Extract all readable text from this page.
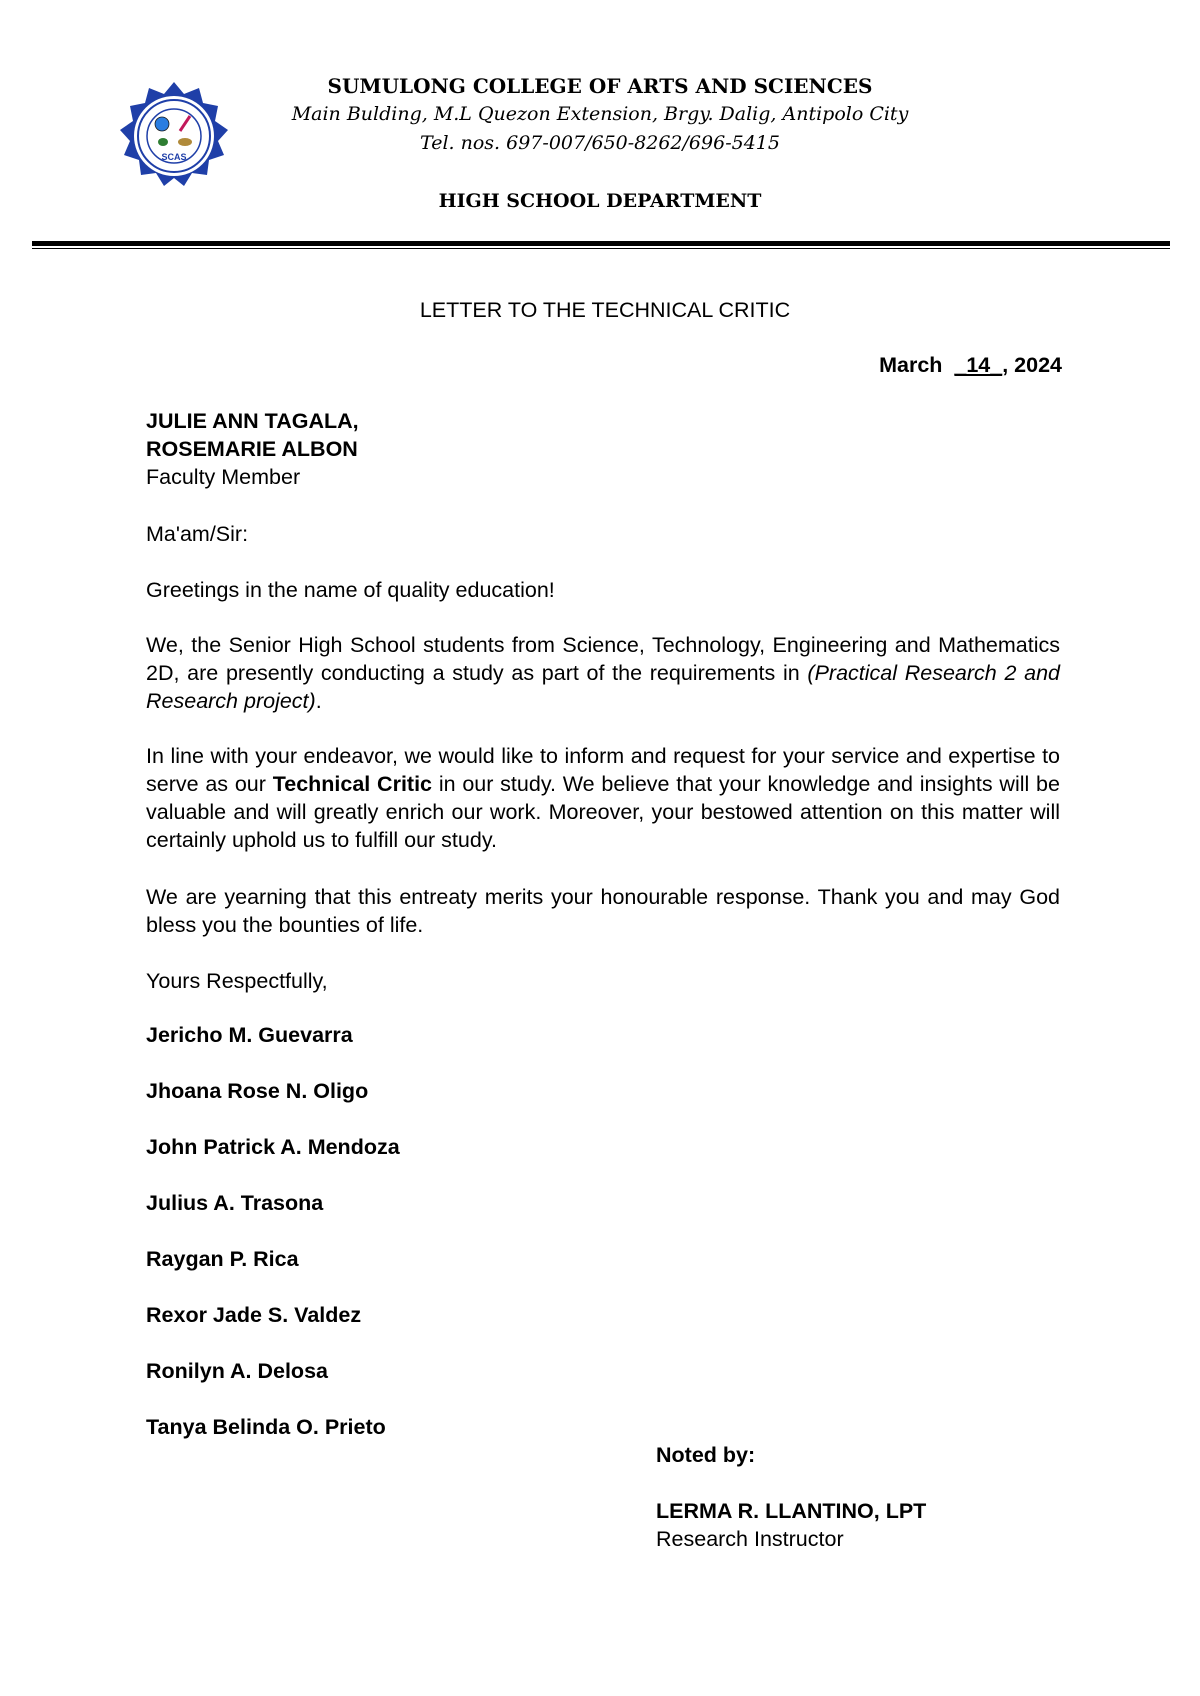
SCAS
SUMULONG COLLEGE OF ARTS AND SCIENCES
Main Bulding, M.L Quezon Extension, Brgy. Dalig, Antipolo City
Tel. nos. 697-007/650-8262/696-5415
HIGH SCHOOL DEPARTMENT
LETTER TO THE TECHNICAL CRITIC
March _14_, 2024

JULIE ANN TAGALA,

ROSEMARIE ALBON

Faculty Member

Ma'am/Sir:

Greetings in the name of quality education!

We, the Senior High School students from Science, Technology, Engineering and Mathematics 2D, are presently conducting a study as part of the requirements in (Practical Research 2 and Research project).

In line with your endeavor, we would like to inform and request for your service and expertise to serve as our Technical Critic in our study. We believe that your knowledge and insights will be valuable and will greatly enrich our work. Moreover, your bestowed attention on this matter will certainly uphold us to fulfill our study.

We are yearning that this entreaty merits your honourable response. Thank you and may God bless you the bounties of life.

Yours Respectfully,

Jericho M. Guevarra
Jhoana Rose N. Oligo
John Patrick A. Mendoza
Julius A. Trasona
Raygan P. Rica
Rexor Jade S. Valdez
Ronilyn A. Delosa
Tanya Belinda O. Prieto

Noted by:

LERMA R. LLANTINO, LPT

Research Instructor
